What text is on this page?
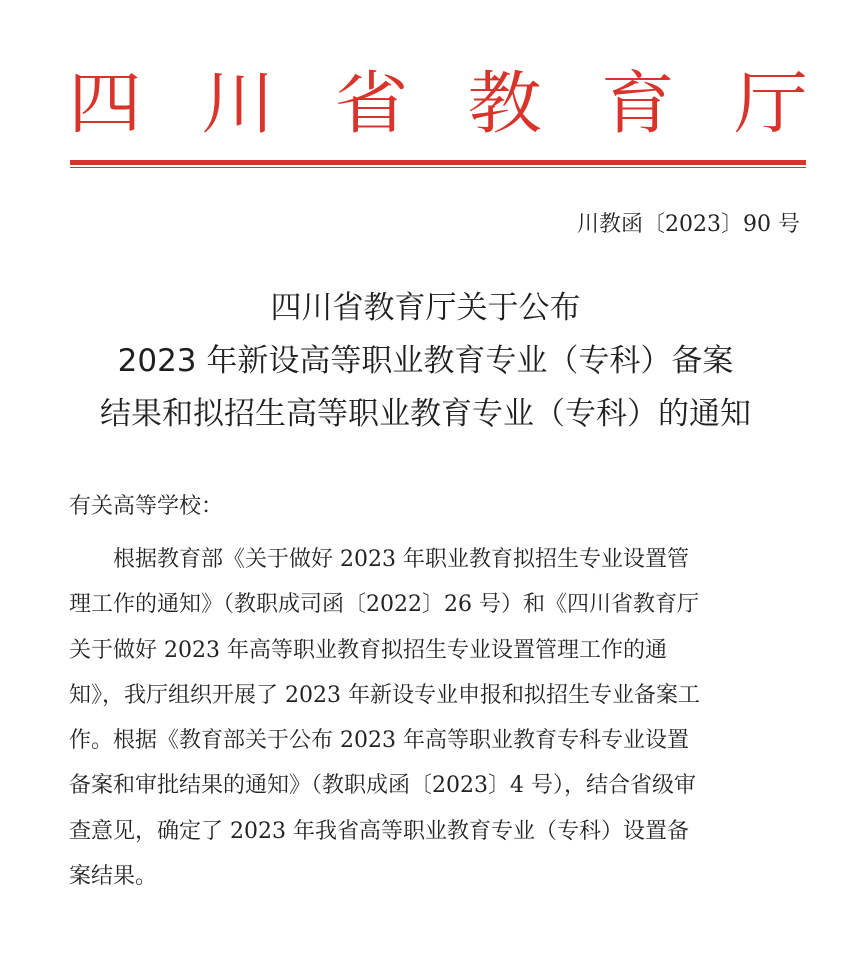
四 川 省 教 育 厅
川教函〔2023〕90 号
四川省教育厅关于公布
2023 年新设高等职业教育专业（专科）备案
结果和拟招生高等职业教育专业（专科）的通知
有关高等学校：
根据教育部《关于做好 2023 年职业教育拟招生专业设置管
理工作的通知》（教职成司函〔2022〕26 号）和《四川省教育厅
关于做好 2023 年高等职业教育拟招生专业设置管理工作的通
知》，我厅组织开展了 2023 年新设专业申报和拟招生专业备案工
作。根据《教育部关于公布 2023 年高等职业教育专科专业设置
备案和审批结果的通知》（教职成函〔2023〕4 号），结合省级审
查意见，确定了 2023 年我省高等职业教育专业（专科）设置备
案结果。
